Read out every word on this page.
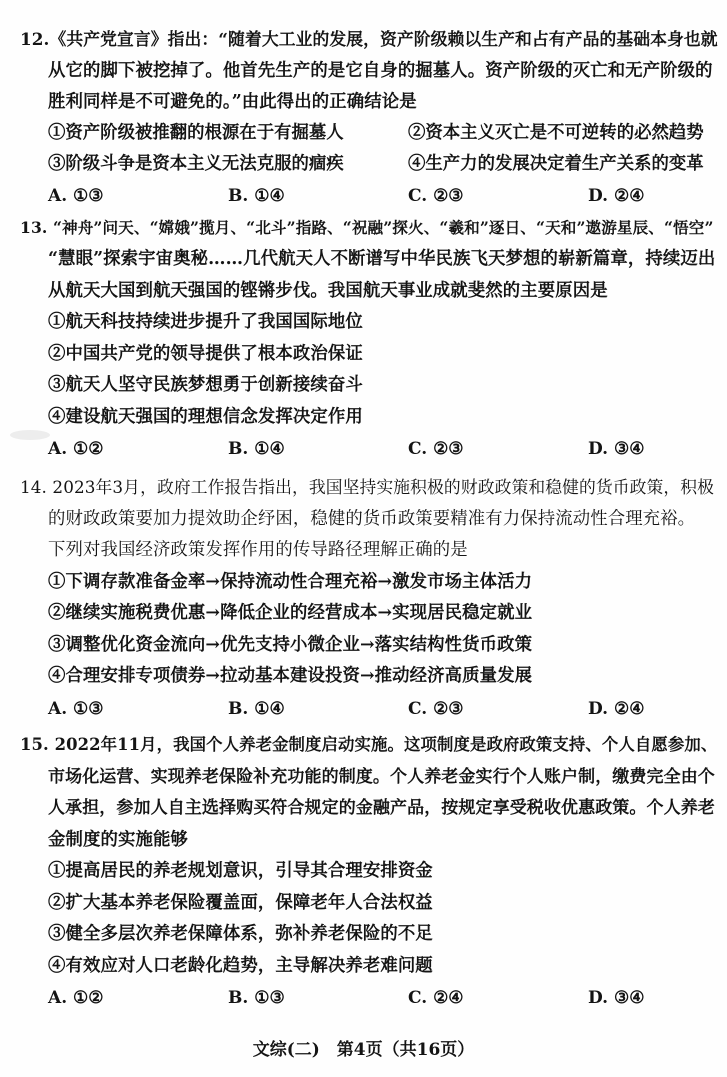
12.《共产党宣言》指出：“随着大工业的发展，资产阶级赖以生产和占有产品的基础本身也就
从它的脚下被挖掉了。他首先生产的是它自身的掘墓人。资产阶级的灭亡和无产阶级的
胜利同样是不可避免的。”由此得出的正确结论是
①资产阶级被推翻的根源在于有掘墓人	②资本主义灭亡是不可逆转的必然趋势
③阶级斗争是资本主义无法克服的痼疾	④生产力的发展决定着生产关系的变革
A. ①③	B. ①④	C. ②③	D. ②④
13. “神舟”问天、“嫦娥”揽月、“北斗”指路、“祝融”探火、“羲和”逐日、“天和”遨游星辰、“悟空”
“慧眼”探索宇宙奥秘……几代航天人不断谱写中华民族飞天梦想的崭新篇章，持续迈出
从航天大国到航天强国的铿锵步伐。我国航天事业成就斐然的主要原因是
①航天科技持续进步提升了我国国际地位
②中国共产党的领导提供了根本政治保证
③航天人坚守民族梦想勇于创新接续奋斗
④建设航天强国的理想信念发挥决定作用
A. ①②	B. ①④	C. ②③	D. ③④
14. 2023年3月，政府工作报告指出，我国坚持实施积极的财政政策和稳健的货币政策，积极
的财政政策要加力提效助企纾困，稳健的货币政策要精准有力保持流动性合理充裕。
下列对我国经济政策发挥作用的传导路径理解正确的是
①下调存款准备金率→保持流动性合理充裕→激发市场主体活力
②继续实施税费优惠→降低企业的经营成本→实现居民稳定就业
③调整优化资金流向→优先支持小微企业→落实结构性货币政策
④合理安排专项债券→拉动基本建设投资→推动经济高质量发展
A. ①③	B. ①④	C. ②③	D. ②④
15. 2022年11月，我国个人养老金制度启动实施。这项制度是政府政策支持、个人自愿参加、
市场化运营、实现养老保险补充功能的制度。个人养老金实行个人账户制，缴费完全由个
人承担，参加人自主选择购买符合规定的金融产品，按规定享受税收优惠政策。个人养老
金制度的实施能够
①提高居民的养老规划意识，引导其合理安排资金
②扩大基本养老保险覆盖面，保障老年人合法权益
③健全多层次养老保障体系，弥补养老保险的不足
④有效应对人口老龄化趋势，主导解决养老难问题
A. ①②	B. ①③	C. ②④	D. ③④
文综(二)　第4页（共16页）
